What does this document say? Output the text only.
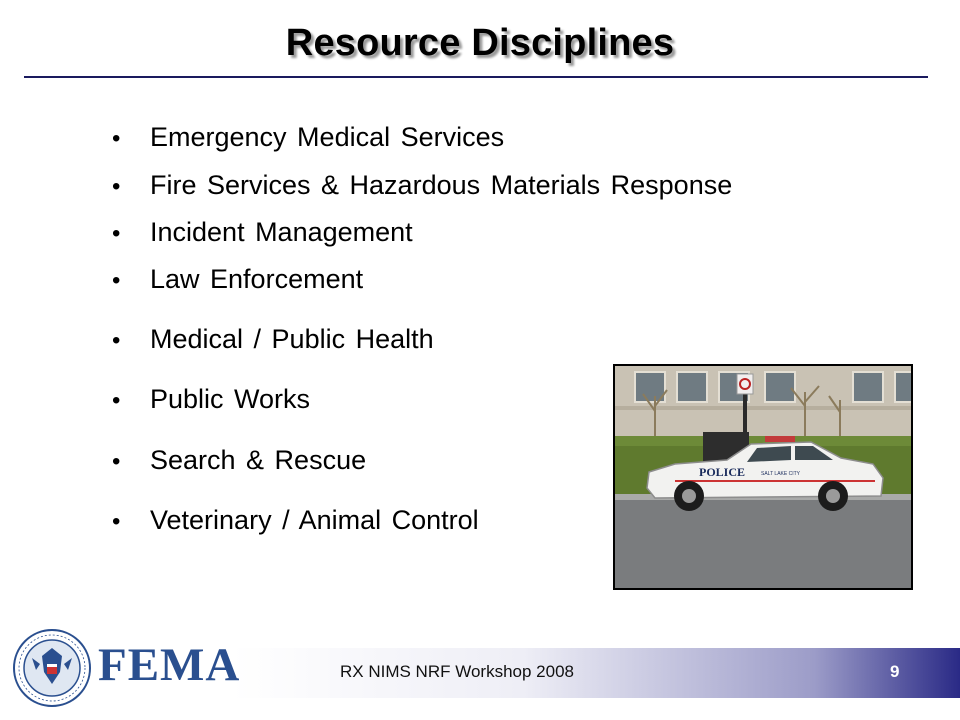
Resource Disciplines
• Emergency Medical Services
• Fire Services & Hazardous Materials Response
• Incident Management
• Law Enforcement
• Medical / Public Health
• Public Works
• Search & Rescue
• Veterinary / Animal Control
POLICE	SALT LAKE CITY
RX NIMS NRF Workshop 2008	9
FEMA
